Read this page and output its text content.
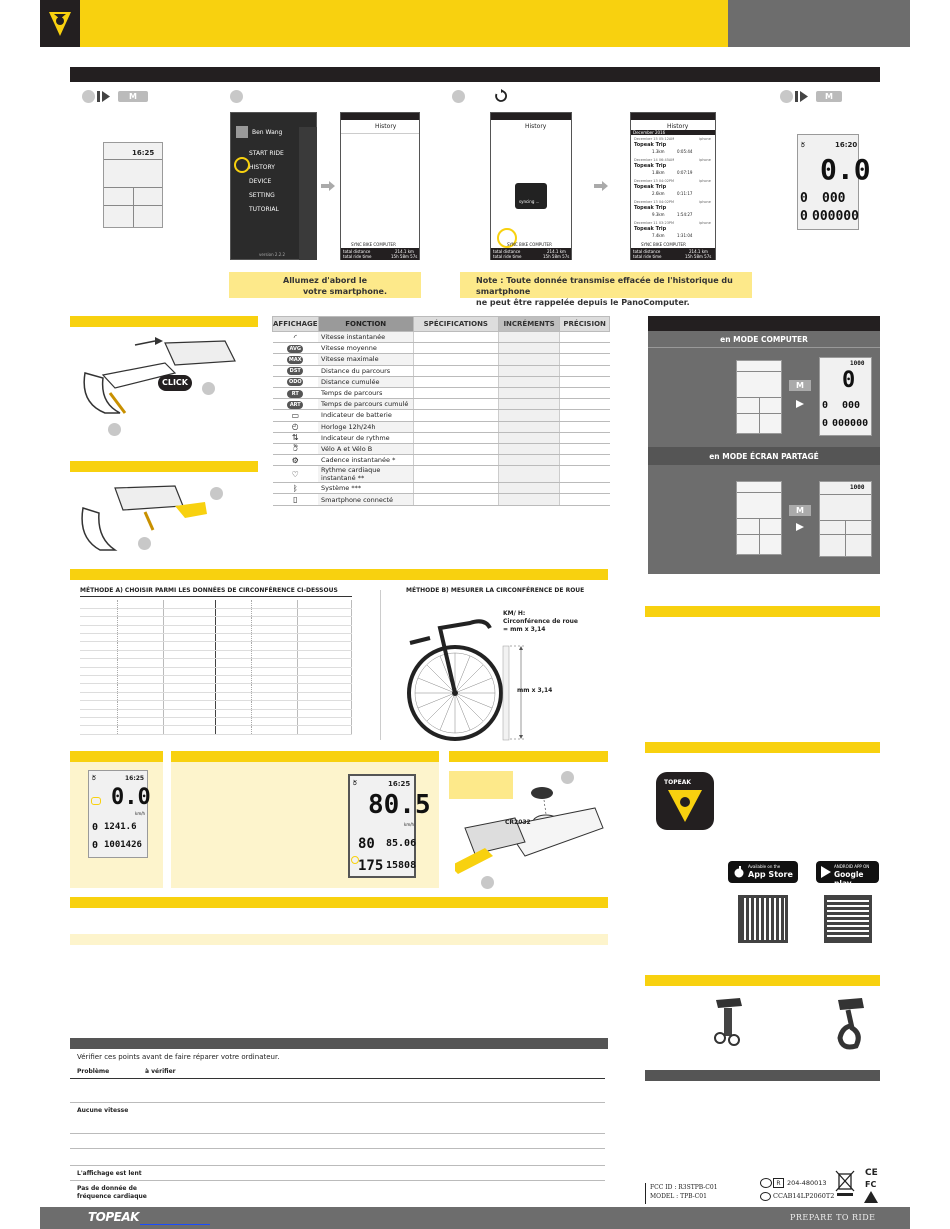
M
16:25
Ben Wang
START RIDE
HISTORY
DEVICE
SETTING
TUTORIAL
version 2.2.2
History
SYNC BIKE COMPUTER
total distance	214.1 km
total ride time	15h 58m 57s
Allumez d'abord le
votre smartphone.
History
syncing ...
SYNC BIKE COMPUTER
total distance	214.1 km
total ride time	15h 58m 57s
History
December 2016
December 15 05:12AM	iphone
Topeak Trip
1.3km	0:05:44
December 14 06:45AM	iphone
Topeak Trip
1.8km	0:07:19
December 13 04:02PM	iphone
Topeak Trip
2.6km	0:11:17
December 13 04:02PM	iphone
Topeak Trip
9.3km	1:54:27
December 11 03:23PM	iphone
Topeak Trip
7.4km	1:31:04
SYNC BIKE COMPUTER
total distance	214.1 km
total ride time	15h 58m 57s
Note : Toute donnée transmise effacée de l'historique du smartphone
ne peut être rappelée depuis le PanoComputer.
M
ර්	16:20
0.0
0 000
0 000000
CLICK
AFFICHAGE	FONCTION	SPÉCIFICATIONS	INCRÉMENTS	PRÉCISION
◜	Vitesse instantanée			
AVG	Vitesse moyenne			
MAX	Vitesse maximale			
DST	Distance du parcours			
ODO	Distance cumulée			
RT	Temps de parcours			
ART	Temps de parcours cumulé			
▭	Indicateur de batterie			
◴	Horloge 12h/24h			
⇅	Indicateur de rythme			
ඊ	Vélo A et Vélo B			
⚙	Cadence instantanée *			
♡	Rythme cardiaque instantané **			
ᛒ	Système ***			
▯	Smartphone connecté			
en MODE COMPUTER
M
1000
0
0 000
0 000000
en MODE ÉCRAN PARTAGÉ
M
1000
MÉTHODE A) CHOISIR PARMI LES DONNÉES DE CIRCONFÉRENCE CI-DESSOUS	MÉTHODE B) MESURER LA CIRCONFÉRENCE DE ROUE

KM/ H:
Circonférence de roue
= mm x 3,14
mm x 3,14
ර්	16:25
0.0
km/h
0 1241.6
0 1001426
ර්	16:25
80.5
km/h
80 85.06
175 15808
CR2032
Vérifier ces points avant de faire réparer votre ordinateur.
Problème	à vérifier
Aucune vitesse
L'affichage est lent
Pas de donnée de
fréquence cardiaque
TOPEAK
Available on the
App Store
ANDROID APP ON
Google play
FCC ID : R3STPB-C01
MODEL : TPB-C01
R 204-480013
CCAB14LP2060T2
CE
FC
TOPEAK	PREPARE TO RIDE
